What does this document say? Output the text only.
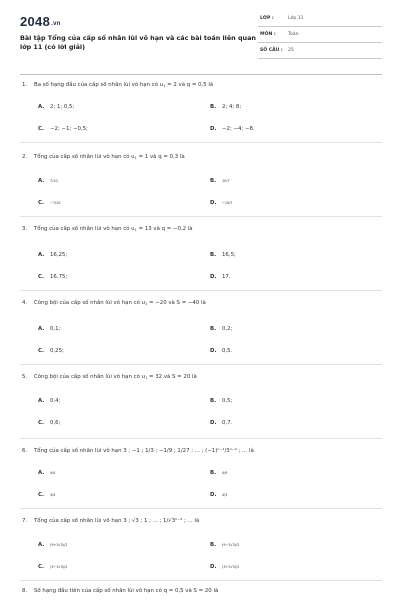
2048.vn
Bài tập Tổng của cấp số nhân lùi vô hạn và các bài toán liên quan lớp 11 (có lời giải)
LỚP :	Lớp 11
MÔN :	Toán
SỐ CÂU : 25
1. Ba số hạng đầu của cấp số nhân lùi vô hạn có $u_1 = 2$ và q = 0,5 là
A. 2; 1; 0,5;	B. 2; 4; 8;
C. −2; −1; −0,5;	D. −2; −4; −8.
2. Tổng của cấp số nhân lùi vô hạn có $u_1 = 1$ và q = 0,3 là
A. 7/10	B. 10/7
C. −7/10	D. −10/7
3. Tổng của cấp số nhân lùi vô hạn có $u_1 = 13$ và q = −0,2 là
A. 16,25;	B. 16,5;
C. 16,75;	D. 17.
4. Công bội của cấp số nhân lùi vô hạn có $u_1 = -20$ và S = −40 là
A. 0,1;	B. 0,2;
C. 0,25;	D. 0,5.
5. Công bội của cấp số nhân lùi vô hạn có $u_1 = 32$ và S = 20 là
A. 0,4;	B. 0,5;
C. 0,6;	D. 0,7.
6. Tổng của cấp số nhân lùi vô hạn 3 ; −1 ; 1/3 ; −1/9 ; 1/27 ; ... ; (−1)ⁿ⁻¹/3ⁿ⁻² ; ... là
A. 9/4	B. 4/9
C. 3/4	D. 4/3
7. Tổng của cấp số nhân lùi vô hạn 3 ; √3 ; 1 ; ... ; 1/√3ⁿ⁻³ ; ... là
A. (9+3√3)/2	B. (9−3√3)/2
C. (3−3√3)/2	D. (3+3√3)/2
8. Số hạng đầu tiên của cấp số nhân lùi vô hạn có q = 0,5 và S = 20 là
